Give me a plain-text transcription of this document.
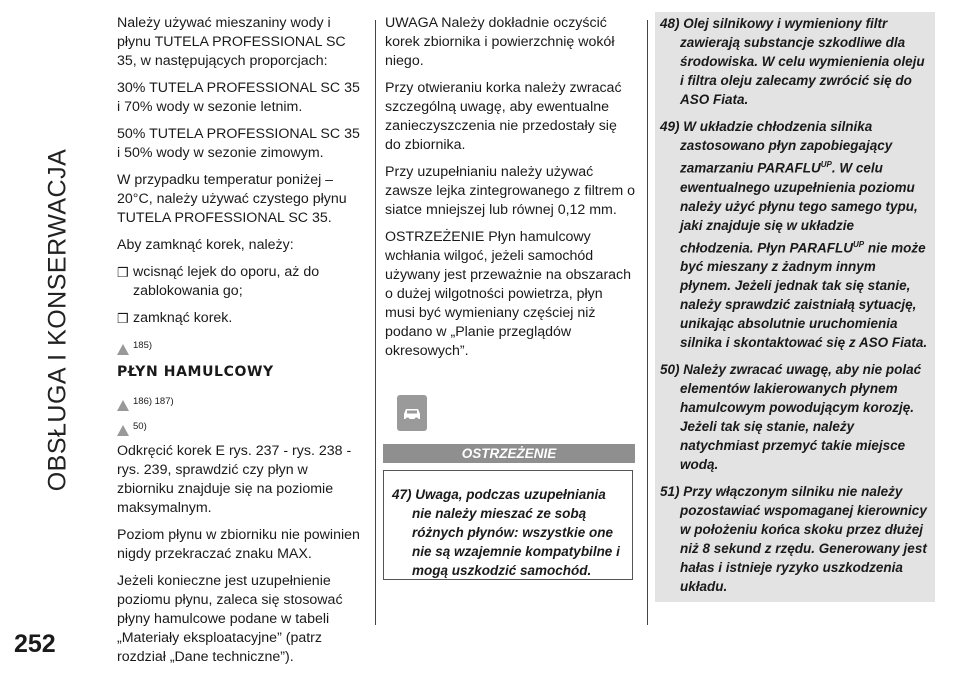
OBSŁUGA I KONSERWACJA
252

Należy używać mieszaniny wody i płynu TUTELA PROFESSIONAL SC 35, w następujących proporcjach:

30% TUTELA PROFESSIONAL SC 35 i 70% wody w sezonie letnim.

50% TUTELA PROFESSIONAL SC 35 i 50% wody w sezonie zimowym.

W przypadku temperatur poniżej –20°C, należy używać czystego płynu TUTELA PROFESSIONAL SC 35.

Aby zamknąć korek, należy:

❒ wcisnąć lejek do oporu, aż do zablokowania go;
❒ zamknąć korek.
185)
PŁYN HAMULCOWY
186) 187)
50)

Odkręcić korek E rys. 237 - rys. 238 - rys. 239, sprawdzić czy płyn w zbiorniku znajduje się na poziomie maksymalnym.

Poziom płynu w zbiorniku nie powinien nigdy przekraczać znaku MAX.

Jeżeli konieczne jest uzupełnienie poziomu płynu, zaleca się stosować płyny hamulcowe podane w tabeli „Materiały eksploatacyjne” (patrz rozdział „Dane techniczne”).

UWAGA Należy dokładnie oczyścić korek zbiornika i powierzchnię wokół niego.

Przy otwieraniu korka należy zwracać szczególną uwagę, aby ewentualne zanieczyszczenia nie przedostały się do zbiornika.

Przy uzupełnianiu należy używać zawsze lejka zintegrowanego z filtrem o siatce mniejszej lub równej 0,12 mm.

OSTRZEŻENIE Płyn hamulcowy wchłania wilgoć, jeżeli samochód używany jest przeważnie na obszarach o dużej wilgotności powietrza, płyn musi być wymieniany częściej niż podano w „Planie przeglądów okresowych”.

OSTRZEŻENIE
47) Uwaga, podczas uzupełniania nie należy mieszać ze sobą różnych płynów: wszystkie one nie są wzajemnie kompatybilne i mogą uszkodzić samochód.

48) Olej silnikowy i wymieniony filtr zawierają substancje szkodliwe dla środowiska. W celu wymienienia oleju i filtra oleju zalecamy zwrócić się do ASO Fiata.

49) W układzie chłodzenia silnika zastosowano płyn zapobiegający zamarzaniu $PARAFLU^{UP}$. W celu ewentualnego uzupełnienia poziomu należy użyć płynu tego samego typu, jaki znajduje się w układzie chłodzenia. Płyn $PARAFLU^{UP}$ nie może być mieszany z żadnym innym płynem. Jeżeli jednak tak się stanie, należy sprawdzić zaistniałą sytuację, unikając absolutnie uruchomienia silnika i skontaktować się z ASO Fiata.

50) Należy zwracać uwagę, aby nie polać elementów lakierowanych płynem hamulcowym powodującym korozję. Jeżeli tak się stanie, należy natychmiast przemyć takie miejsce wodą.

51) Przy włączonym silniku nie należy pozostawiać wspomaganej kierownicy w położeniu końca skoku przez dłużej niż 8 sekund z rzędu. Generowany jest hałas i istnieje ryzyko uszkodzenia układu.
